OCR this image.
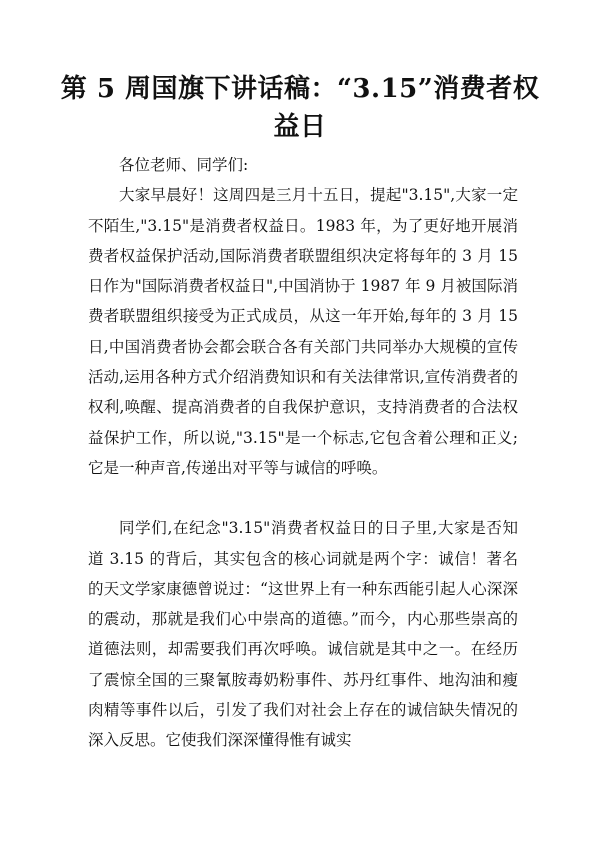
第 5 周国旗下讲话稿：“3.15”消费者权益日

各位老师、同学们:

大家早晨好！这周四是三月十五日，提起"3.15",大家一定不陌生,"3.15"是消费者权益日。1983 年，为了更好地开展消费者权益保护活动,国际消费者联盟组织决定将每年的 3 月 15 日作为"国际消费者权益日",中国消协于 1987 年 9 月被国际消费者联盟组织接受为正式成员，从这一年开始,每年的 3 月 15 日,中国消费者协会都会联合各有关部门共同举办大规模的宣传活动,运用各种方式介绍消费知识和有关法律常识,宣传消费者的权利,唤醒、提高消费者的自我保护意识，支持消费者的合法权益保护工作，所以说,"3.15"是一个标志,它包含着公理和正义;它是一种声音,传递出对平等与诚信的呼唤。

同学们,在纪念"3.15"消费者权益日的日子里,大家是否知道 3.15 的背后，其实包含的核心词就是两个字：诚信！著名的天文学家康德曾说过：“这世界上有一种东西能引起人心深深的震动，那就是我们心中崇高的道德。”而今，内心那些崇高的道德法则，却需要我们再次呼唤。诚信就是其中之一。在经历了震惊全国的三聚氰胺毒奶粉事件、苏丹红事件、地沟油和瘦肉精等事件以后，引发了我们对社会上存在的诚信缺失情况的深入反思。它使我们深深懂得惟有诚实
